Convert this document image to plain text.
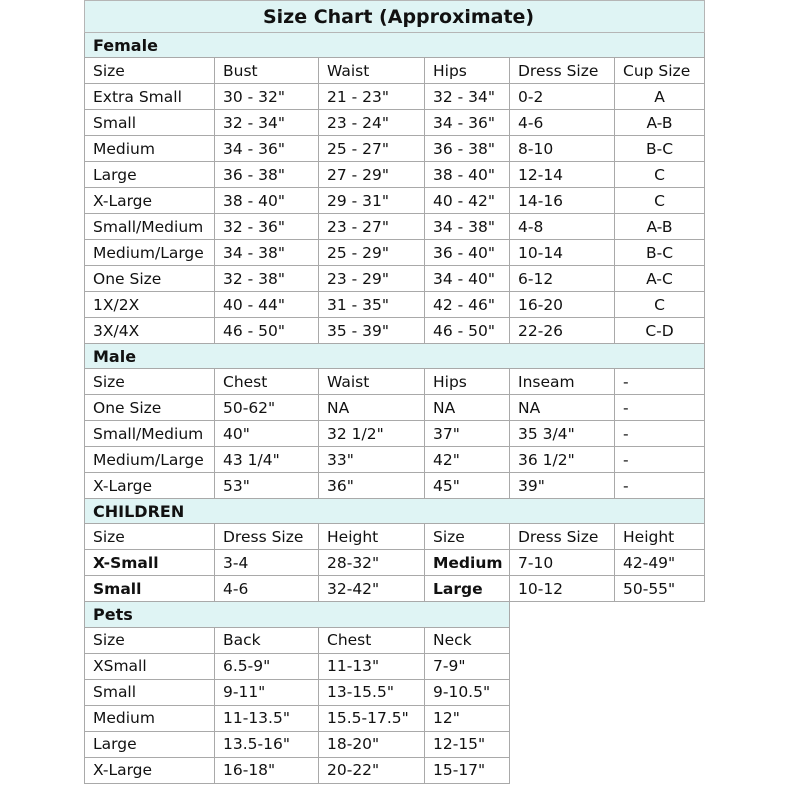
Size Chart (Approximate)					
Female					
Size	Bust	Waist	Hips	Dress Size	Cup Size
Extra Small	30 - 32"	21 - 23"	32 - 34"	0-2	A
Small	32 - 34"	23 - 24"	34 - 36"	4-6	A-B
Medium	34 - 36"	25 - 27"	36 - 38"	8-10	B-C
Large	36 - 38"	27 - 29"	38 - 40"	12-14	C
X-Large	38 - 40"	29 - 31"	40 - 42"	14-16	C
Small/Medium	32 - 36"	23 - 27"	34 - 38"	4-8	A-B
Medium/Large	34 - 38"	25 - 29"	36 - 40"	10-14	B-C
One Size	32 - 38"	23 - 29"	34 - 40"	6-12	A-C
1X/2X	40 - 44"	31 - 35"	42 - 46"	16-20	C
3X/4X	46 - 50"	35 - 39"	46 - 50"	22-26	C-D
Male					
Size	Chest	Waist	Hips	Inseam	-
One Size	50-62"	NA	NA	NA	-
Small/Medium	40"	32 1/2"	37"	35 3/4"	-
Medium/Large	43 1/4"	33"	42"	36 1/2"	-
X-Large	53"	36"	45"	39"	-
CHILDREN					
Size	Dress Size	Height	Size	Dress Size	Height
X-Small	3-4	28-32"	Medium	7-10	42-49"
Small	4-6	32-42"	Large	10-12	50-55"
Pets					
Size	Back	Chest	Neck		
XSmall	6.5-9"	11-13"	7-9"		
Small	9-11"	13-15.5"	9-10.5"		
Medium	11-13.5"	15.5-17.5"	12"		
Large	13.5-16"	18-20"	12-15"		
X-Large	16-18"	20-22"	15-17"		
